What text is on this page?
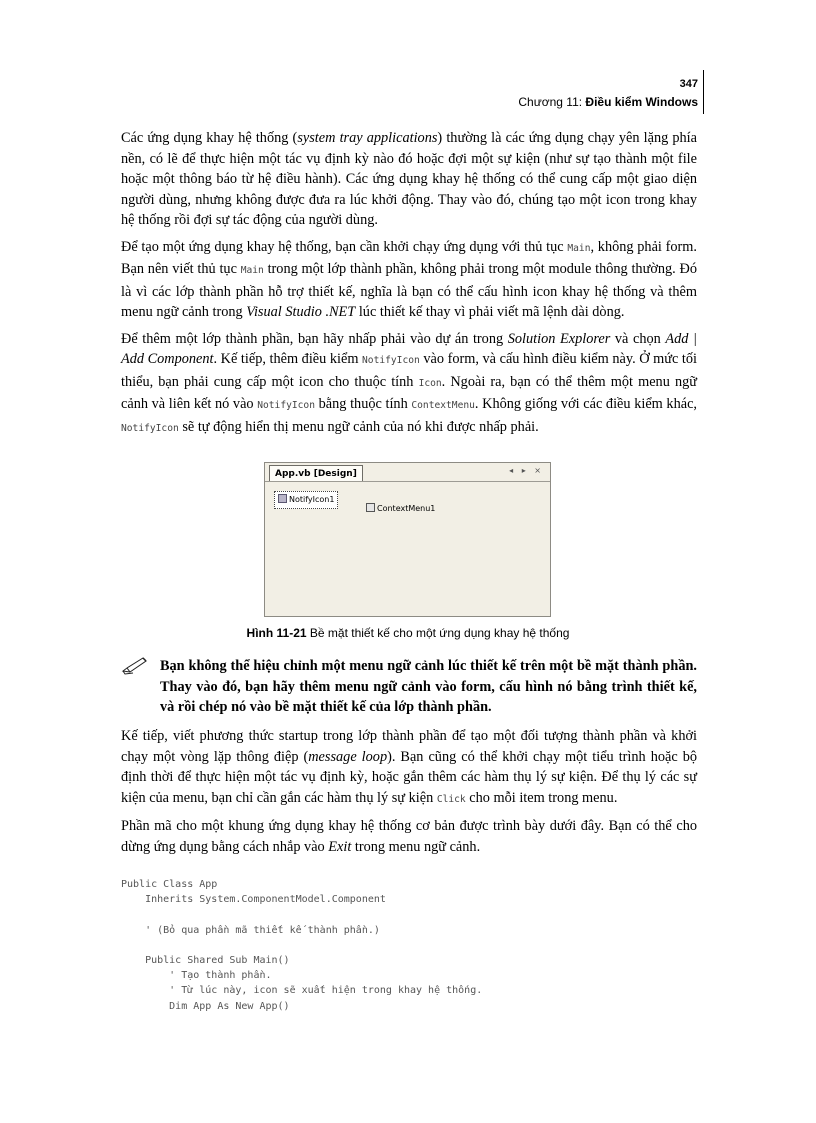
347
Chương 11: Điều kiểm Windows

Các ứng dụng khay hệ thống (system tray applications) thường là các ứng dụng chạy yên lặng phía nền, có lẽ để thực hiện một tác vụ định kỳ nào đó hoặc đợi một sự kiện (như sự tạo thành một file hoặc một thông báo từ hệ điều hành). Các ứng dụng khay hệ thống có thể cung cấp một giao diện người dùng, nhưng không được đưa ra lúc khởi động. Thay vào đó, chúng tạo một icon trong khay hệ thống rồi đợi sự tác động của người dùng.

Để tạo một ứng dụng khay hệ thống, bạn cần khởi chạy ứng dụng với thủ tục Main, không phải form. Bạn nên viết thủ tục Main trong một lớp thành phần, không phải trong một module thông thường. Đó là vì các lớp thành phần hỗ trợ thiết kế, nghĩa là bạn có thể cấu hình icon khay hệ thống và thêm menu ngữ cảnh trong Visual Studio .NET lúc thiết kế thay vì phải viết mã lệnh dài dòng.

Để thêm một lớp thành phần, bạn hãy nhấp phải vào dự án trong Solution Explorer và chọn Add | Add Component. Kế tiếp, thêm điều kiểm NotifyIcon vào form, và cấu hình điều kiểm này. Ở mức tối thiểu, bạn phải cung cấp một icon cho thuộc tính Icon. Ngoài ra, bạn có thể thêm một menu ngữ cảnh và liên kết nó vào NotifyIcon bằng thuộc tính ContextMenu. Không giống với các điều kiểm khác, NotifyIcon sẽ tự động hiển thị menu ngữ cảnh của nó khi được nhấp phải.

App.vb [Design]	◂ ▸ ×
NotifyIcon1
ContextMenu1
Hình 11-21 Bề mặt thiết kế cho một ứng dụng khay hệ thống
Bạn không thể hiệu chỉnh một menu ngữ cảnh lúc thiết kế trên một bề mặt thành phần. Thay vào đó, bạn hãy thêm menu ngữ cảnh vào form, cấu hình nó bằng trình thiết kế, và rồi chép nó vào bề mặt thiết kế của lớp thành phần.

Kế tiếp, viết phương thức startup trong lớp thành phần để tạo một đối tượng thành phần và khởi chạy một vòng lặp thông điệp (message loop). Bạn cũng có thể khởi chạy một tiểu trình hoặc bộ định thời để thực hiện một tác vụ định kỳ, hoặc gắn thêm các hàm thụ lý sự kiện. Để thụ lý các sự kiện của menu, bạn chỉ cần gắn các hàm thụ lý sự kiện Click cho mỗi item trong menu.

Phần mã cho một khung ứng dụng khay hệ thống cơ bản được trình bày dưới đây. Bạn có thể cho dừng ứng dụng bằng cách nhắp vào Exit trong menu ngữ cảnh.

Public Class App
Inherits System.ComponentModel.Component

' (Bỏ qua phần mã thiết kế thành phần.)

Public Shared Sub Main()
' Tạo thành phần.
' Từ lúc này, icon sẽ xuất hiện trong khay hệ thống.
Dim App As New App()
